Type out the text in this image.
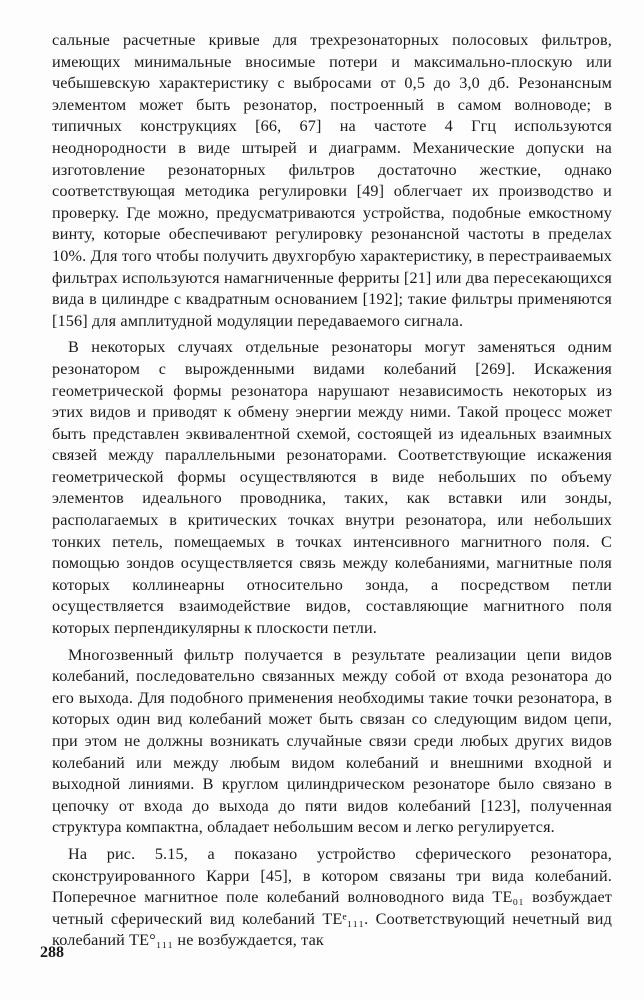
сальные расчетные кривые для трехрезонаторных полосовых фильтров, имеющих минимальные вносимые потери и максимально-плоскую или чебышевскую характеристику с выбросами от 0,5 до 3,0 дб. Резонансным элементом может быть резонатор, построенный в самом волноводе; в типичных конструкциях [66, 67] на частоте 4 Ггц используются неоднородности в виде штырей и диаграмм. Механические допуски на изготовление резонаторных фильтров достаточно жесткие, однако соответствующая методика регулировки [49] облегчает их производство и проверку. Где можно, предусматриваются устройства, подобные емкостному винту, которые обеспечивают регулировку резонансной частоты в пределах 10%. Для того чтобы получить двухгорбую характеристику, в перестраиваемых фильтрах используются намагниченные ферриты [21] или два пересекающихся вида в цилиндре с квадратным основанием [192]; такие фильтры применяются [156] для амплитудной модуляции передаваемого сигнала.

В некоторых случаях отдельные резонаторы могут заменяться одним резонатором с вырожденными видами колебаний [269]. Искажения геометрической формы резонатора нарушают независимость некоторых из этих видов и приводят к обмену энергии между ними. Такой процесс может быть представлен эквивалентной схемой, состоящей из идеальных взаимных связей между параллельными резонаторами. Соответствующие искажения геометрической формы осуществляются в виде небольших по объему элементов идеального проводника, таких, как вставки или зонды, располагаемых в критических точках внутри резонатора, или небольших тонких петель, помещаемых в точках интенсивного магнитного поля. С помощью зондов осуществляется связь между колебаниями, магнитные поля которых коллинеарны относительно зонда, а посредством петли осуществляется взаимодействие видов, составляющие магнитного поля которых перпендикулярны к плоскости петли.

Многозвенный фильтр получается в результате реализации цепи видов колебаний, последовательно связанных между собой от входа резонатора до его выхода. Для подобного применения необходимы такие точки резонатора, в которых один вид колебаний может быть связан со следующим видом цепи, при этом не должны возникать случайные связи среди любых других видов колебаний или между любым видом колебаний и внешними входной и выходной линиями. В круглом цилиндрическом резонаторе было связано в цепочку от входа до выхода до пяти видов колебаний [123], полученная структура компактна, обладает небольшим весом и легко регулируется.

На рис. 5.15, а показано устройство сферического резонатора, сконструированного Карри [45], в котором связаны три вида колебаний. Поперечное магнитное поле колебаний волноводного вида TE₀₁ возбуждает четный сферический вид колебаний TEᵉ₁₁₁. Соответствующий нечетный вид колебаний TE°₁₁₁ не возбуждается, так

288
